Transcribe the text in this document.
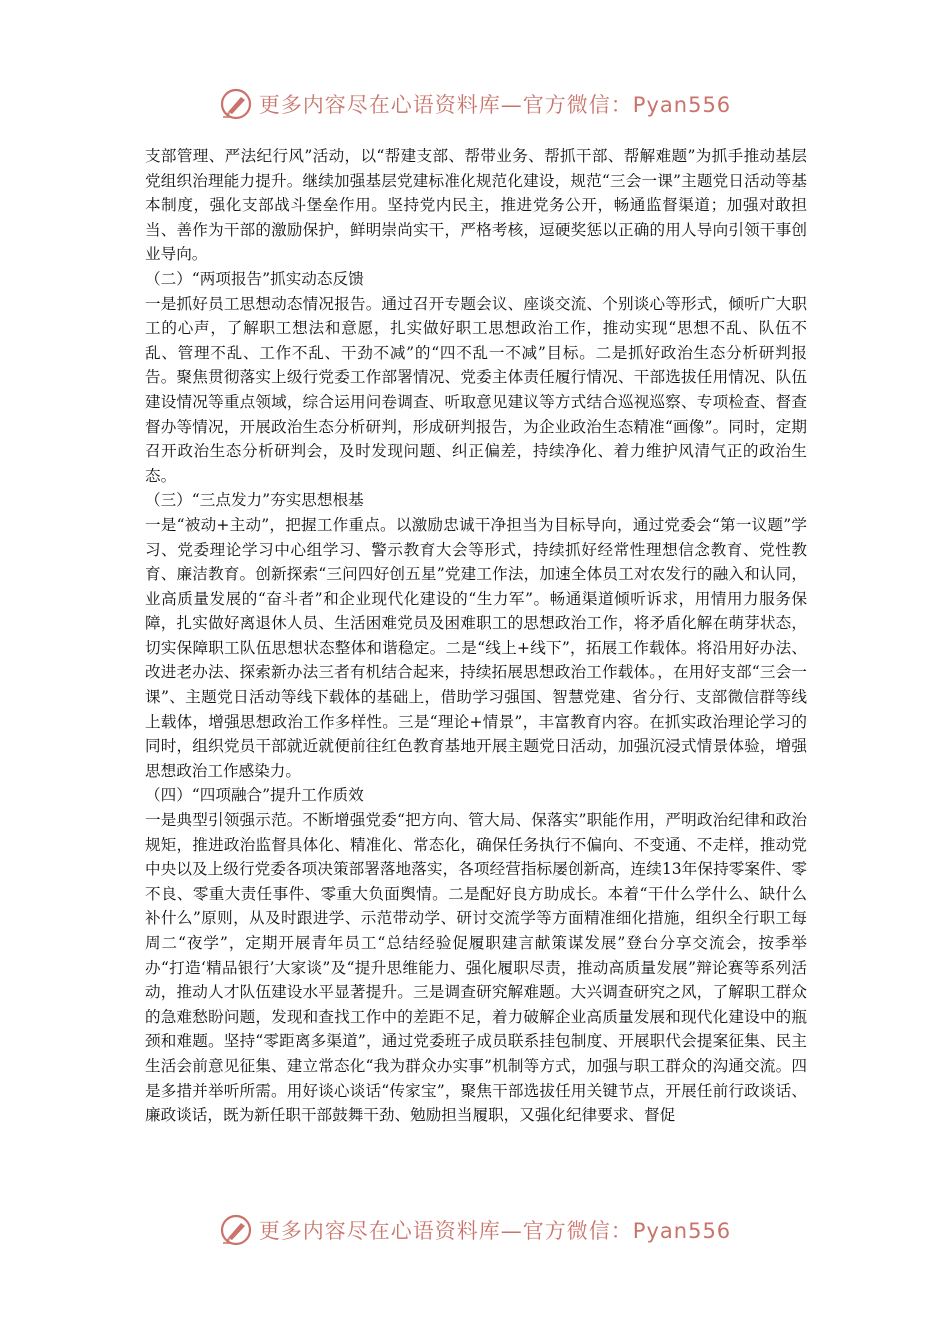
更多内容尽在心语资料库—官方微信：Pyan556

支部管理、严法纪行风”活动，以“帮建支部、帮带业务、帮抓干部、帮解难题”为抓手推动基层党组织治理能力提升。继续加强基层党建标准化规范化建设，规范“三会一课”主题党日活动等基本制度，强化支部战斗堡垒作用。坚持党内民主，推进党务公开，畅通监督渠道；加强对敢担当、善作为干部的激励保护，鲜明崇尚实干，严格考核，逗硬奖惩以正确的用人导向引领干事创业导向。

（二）“两项报告”抓实动态反馈

一是抓好员工思想动态情况报告。通过召开专题会议、座谈交流、个别谈心等形式，倾听广大职工的心声，了解职工想法和意愿，扎实做好职工思想政治工作，推动实现“思想不乱、队伍不乱、管理不乱、工作不乱、干劲不减”的“四不乱一不减”目标。二是抓好政治生态分析研判报告。聚焦贯彻落实上级行党委工作部署情况、党委主体责任履行情况、干部选拔任用情况、队伍建设情况等重点领域，综合运用问卷调查、听取意见建议等方式结合巡视巡察、专项检查、督查督办等情况，开展政治生态分析研判，形成研判报告，为企业政治生态精准“画像”。同时，定期召开政治生态分析研判会，及时发现问题、纠正偏差，持续净化、着力维护风清气正的政治生态。

（三）“三点发力”夯实思想根基

一是“被动+主动”，把握工作重点。以激励忠诚干净担当为目标导向，通过党委会“第一议题”学习、党委理论学习中心组学习、警示教育大会等形式，持续抓好经常性理想信念教育、党性教育、廉洁教育。创新探索“三问四好创五星”党建工作法，加速全体员工对农发行的融入和认同，业高质量发展的“奋斗者”和企业现代化建设的“生力军”。畅通渠道倾听诉求，用情用力服务保障，扎实做好离退休人员、生活困难党员及困难职工的思想政治工作，将矛盾化解在萌芽状态，切实保障职工队伍思想状态整体和谐稳定。二是“线上+线下”，拓展工作载体。将沿用好办法、改进老办法、探索新办法三者有机结合起来，持续拓展思想政治工作载体。，在用好支部“三会一课”、主题党日活动等线下载体的基础上，借助学习强国、智慧党建、省分行、支部微信群等线上载体，增强思想政治工作多样性。三是“理论+情景”，丰富教育内容。在抓实政治理论学习的同时，组织党员干部就近就便前往红色教育基地开展主题党日活动，加强沉浸式情景体验，增强思想政治工作感染力。

（四）“四项融合”提升工作质效

一是典型引领强示范。不断增强党委“把方向、管大局、保落实”职能作用，严明政治纪律和政治规矩，推进政治监督具体化、精准化、常态化，确保任务执行不偏向、不变通、不走样，推动党中央以及上级行党委各项决策部署落地落实，各项经营指标屡创新高，连续13年保持零案件、零不良、零重大责任事件、零重大负面舆情。二是配好良方助成长。本着“干什么学什么、缺什么补什么”原则，从及时跟进学、示范带动学、研讨交流学等方面精准细化措施，组织全行职工每周二“夜学”，定期开展青年员工“总结经验促履职建言献策谋发展”登台分享交流会，按季举办“打造‘精品银行’大家谈”及“提升思维能力、强化履职尽责，推动高质量发展”辩论赛等系列活动，推动人才队伍建设水平显著提升。三是调查研究解难题。大兴调查研究之风，了解职工群众的急难愁盼问题，发现和查找工作中的差距不足，着力破解企业高质量发展和现代化建设中的瓶颈和难题。坚持“零距离多渠道”，通过党委班子成员联系挂包制度、开展职代会提案征集、民主生活会前意见征集、建立常态化“我为群众办实事”机制等方式，加强与职工群众的沟通交流。四是多措并举听所需。用好谈心谈话“传家宝”，聚焦干部选拔任用关键节点，开展任前行政谈话、廉政谈话，既为新任职干部鼓舞干劲、勉励担当履职，又强化纪律要求、督促

更多内容尽在心语资料库—官方微信：Pyan556
